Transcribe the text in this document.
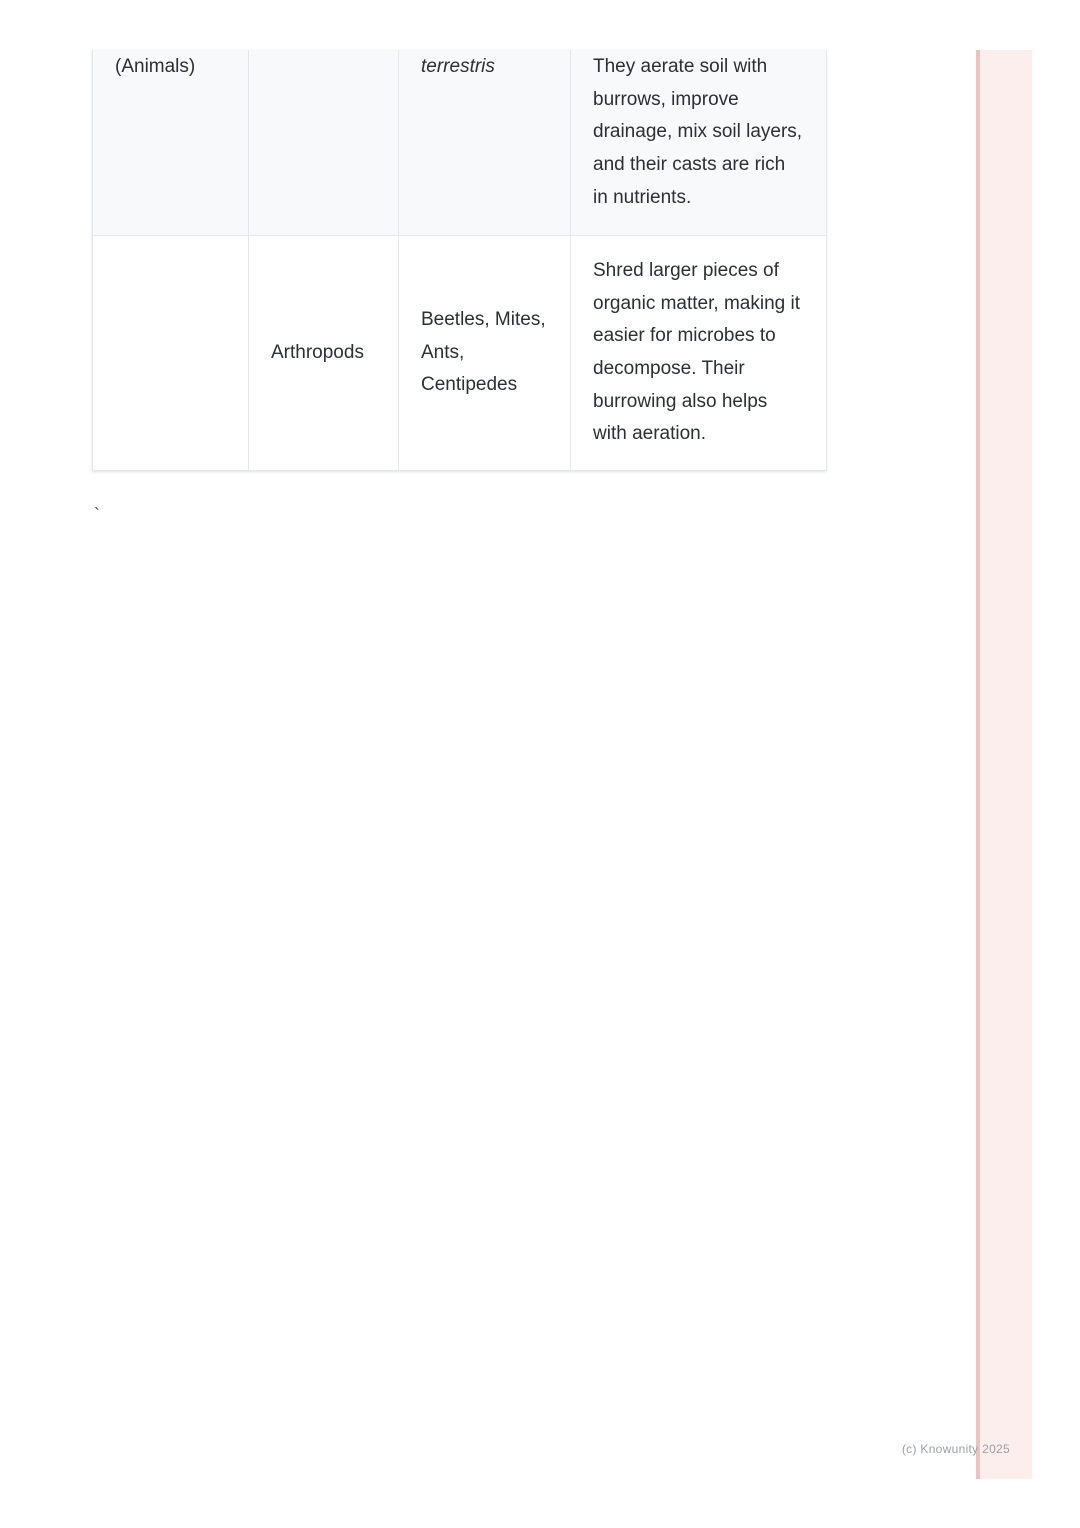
(Animals)		terrestris	They aerate soil with burrows, improve drainage, mix soil layers, and their casts are rich in nutrients.
	Arthropods	Beetles, Mites, Ants, Centipedes	Shred larger pieces of organic matter, making it easier for microbes to decompose. Their burrowing also helps with aeration.
`
(c) Knowunity 2025
